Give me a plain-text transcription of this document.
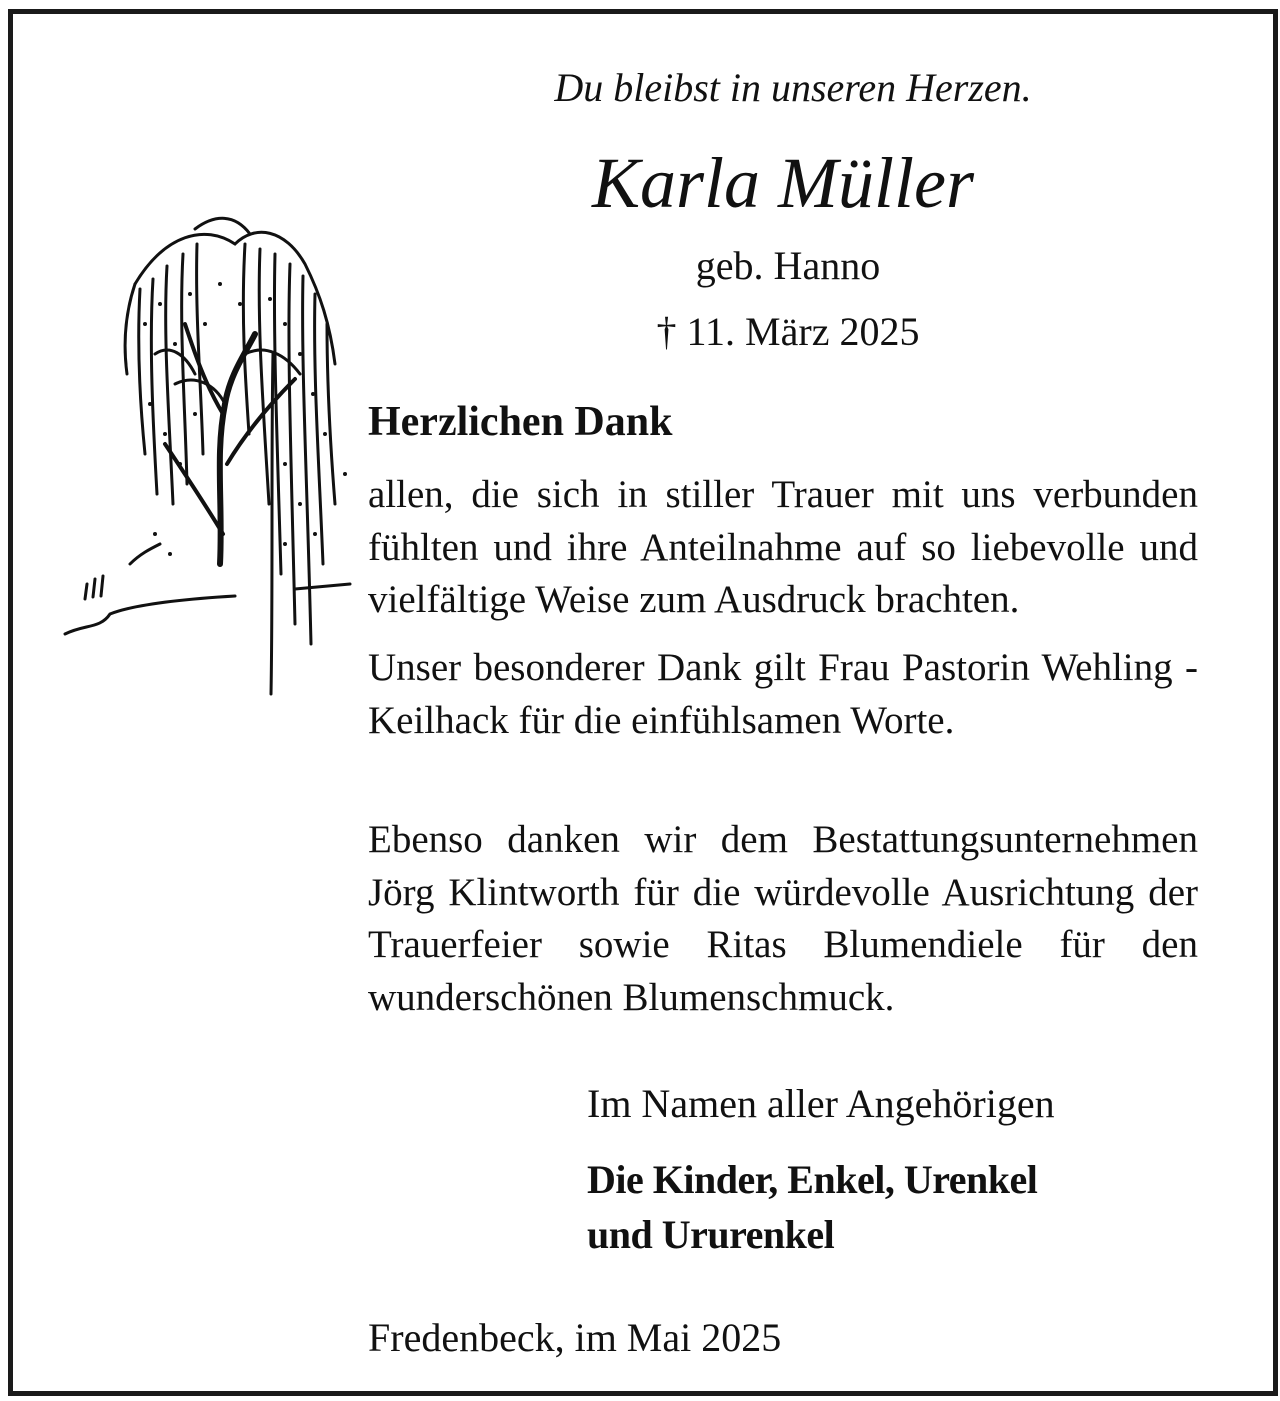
Du bleibst in unseren Herzen.

Karla Müller

geb. Hanno

† 11. März 2025

Herzlichen Dank

allen, die sich in stiller Trauer mit uns verbunden fühlten und ihre Anteilnahme auf so liebevolle und vielfältige Weise zum Ausdruck brachten.

Unser besonderer Dank gilt Frau Pastorin Wehling - Keilhack für die einfühlsamen Worte.

Ebenso danken wir dem Bestattungsunternehmen Jörg Klintworth für die würdevolle Ausrichtung der Trauerfeier sowie Ritas Blumendiele für den wunderschönen Blumenschmuck.

Im Namen aller Angehörigen

Die Kinder, Enkel, Urenkel
und Ururenkel

Fredenbeck, im Mai 2025
